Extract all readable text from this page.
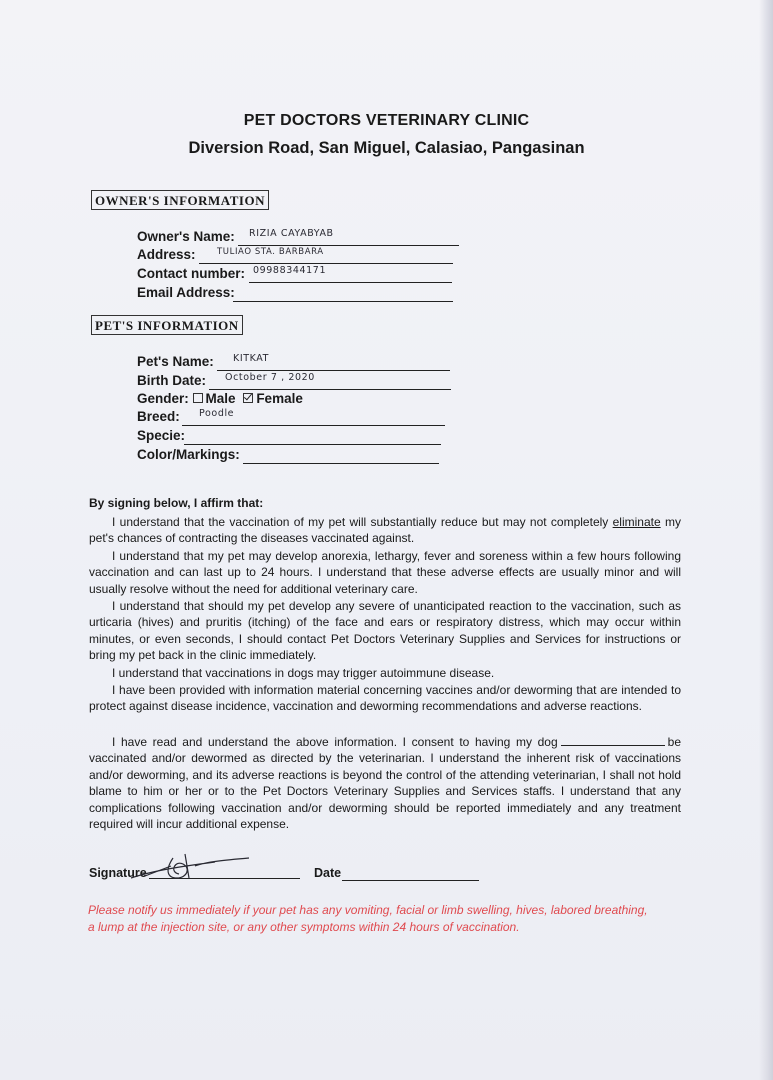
PET DOCTORS VETERINARY CLINIC
Diversion Road, San Miguel, Calasiao, Pangasinan
OWNER'S INFORMATION
Owner's Name: RIZIA CAYABYAB
Address:	TULIAO STA. BARBARA
Contact number: 09988344171
Email Address:
PET'S INFORMATION
Pet's Name: KITKAT
Birth Date: October 7 , 2020
Gender: Male Female
Breed: Poodle
Specie:
Color/Markings:
By signing below, I affirm that:

I understand that the vaccination of my pet will substantially reduce but may not completely eliminate my pet's chances of contracting the diseases vaccinated against.

I understand that my pet may develop anorexia, lethargy, fever and soreness within a few hours following vaccination and can last up to 24 hours. I understand that these adverse effects are usually minor and will usually resolve without the need for additional veterinary care.

I understand that should my pet develop any severe of unanticipated reaction to the vaccination, such as urticaria (hives) and pruritis (itching) of the face and ears or respiratory distress, which may occur within minutes, or even seconds, I should contact Pet Doctors Veterinary Supplies and Services for instructions or bring my pet back in the clinic immediately.

I understand that vaccinations in dogs may trigger autoimmune disease.

I have been provided with information material concerning vaccines and/or deworming that are intended to protect against disease incidence, vaccination and deworming recommendations and adverse reactions.

I have read and understand the above information. I consent to having my dog	be vaccinated and/or dewormed as directed by the veterinarian. I understand the inherent risk of vaccinations and/or deworming, and its adverse reactions is beyond the control of the attending veterinarian, I shall not hold blame to him or her or to the Pet Doctors Veterinary Supplies and Services staffs. I understand that any complications following vaccination and/or deworming should be reported immediately and any treatment required will incur additional expense.

Signature	Date
Please notify us immediately if your pet has any vomiting, facial or limb swelling, hives, labored breathing, a lump at the injection site, or any other symptoms within 24 hours of vaccination.
